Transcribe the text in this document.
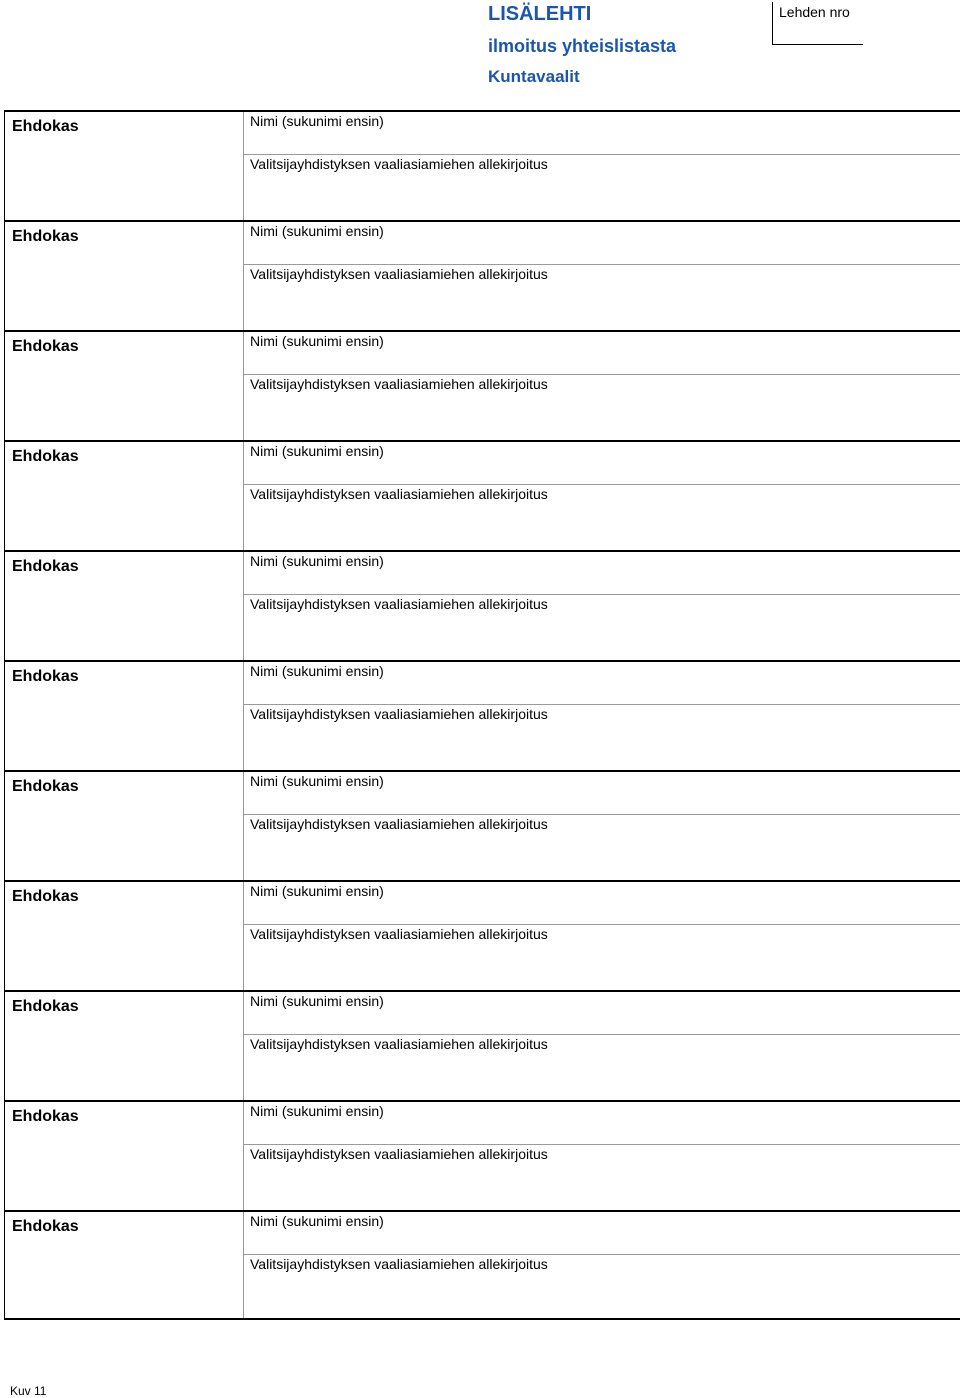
LISÄLEHTI
ilmoitus yhteislistasta
Kuntavaalit
Lehden nro
Ehdokas	Nimi (sukunimi ensin)
Valitsijayhdistyksen vaaliasiamiehen allekirjoitus
Ehdokas	Nimi (sukunimi ensin)
Valitsijayhdistyksen vaaliasiamiehen allekirjoitus
Ehdokas	Nimi (sukunimi ensin)
Valitsijayhdistyksen vaaliasiamiehen allekirjoitus
Ehdokas	Nimi (sukunimi ensin)
Valitsijayhdistyksen vaaliasiamiehen allekirjoitus
Ehdokas	Nimi (sukunimi ensin)
Valitsijayhdistyksen vaaliasiamiehen allekirjoitus
Ehdokas	Nimi (sukunimi ensin)
Valitsijayhdistyksen vaaliasiamiehen allekirjoitus
Ehdokas	Nimi (sukunimi ensin)
Valitsijayhdistyksen vaaliasiamiehen allekirjoitus
Ehdokas	Nimi (sukunimi ensin)
Valitsijayhdistyksen vaaliasiamiehen allekirjoitus
Ehdokas	Nimi (sukunimi ensin)
Valitsijayhdistyksen vaaliasiamiehen allekirjoitus
Ehdokas	Nimi (sukunimi ensin)
Valitsijayhdistyksen vaaliasiamiehen allekirjoitus
Ehdokas	Nimi (sukunimi ensin)
Valitsijayhdistyksen vaaliasiamiehen allekirjoitus
Kuv 11
